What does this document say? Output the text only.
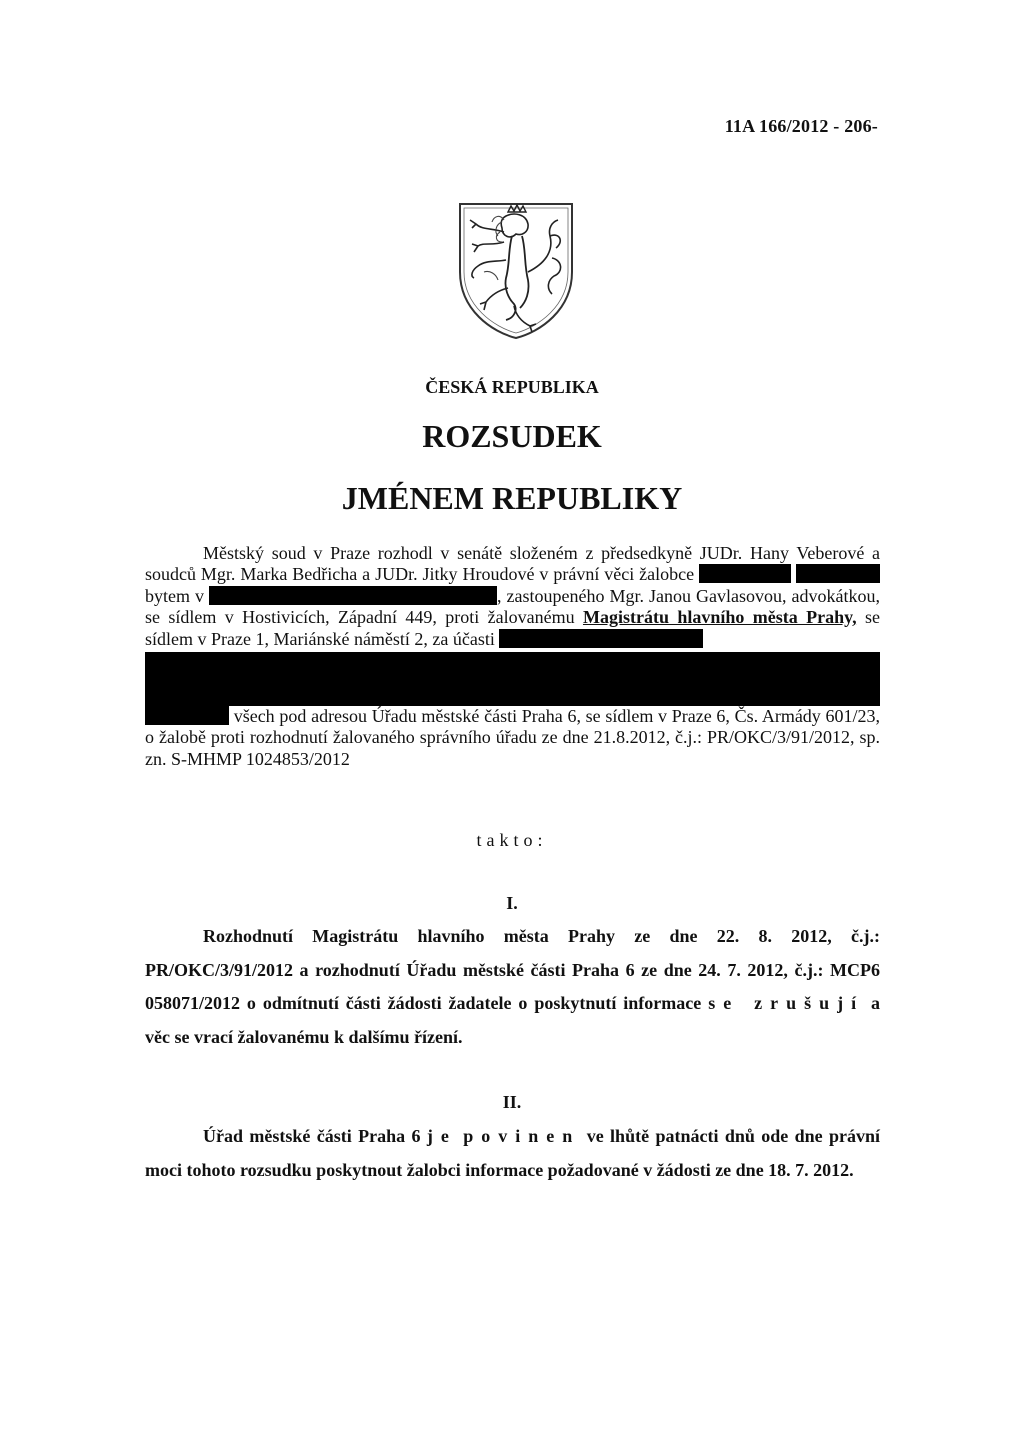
11A 166/2012 - 206-
ČESKÁ REPUBLIKA
ROZSUDEK
JMÉNEM REPUBLIKY
Městský soud v Praze rozhodl v senátě složeném z předsedkyně JUDr. Hany Veberové a soudců Mgr. Marka Bedřicha a JUDr. Jitky Hroudové v právní věci žalobce   bytem v	, zastoupeného Mgr. Janou Gavlasovou, advokátkou, se sídlem v Hostivicích, Západní 449, proti žalovanému Magistrátu hlavního města Prahy, se sídlem v Praze 1, Mariánské náměstí 2, za účasti
všech pod adresou Úřadu městské části Praha 6, se sídlem v Praze 6, Čs. Armády 601/23, o žalobě proti rozhodnutí žalovaného správního úřadu ze dne 21.8.2012, č.j.: PR/OKC/3/91/2012, sp. zn. S-MHMP 1024853/2012
takto:
I.
Rozhodnutí Magistrátu hlavního města Prahy ze dne 22. 8. 2012, č.j.: PR/OKC/3/91/2012 a rozhodnutí Úřadu městské části Praha 6 ze dne 24. 7. 2012, č.j.: MCP6 058071/2012 o odmítnutí části žádosti žadatele o poskytnutí informace se zrušují a věc se vrací žalovanému k dalšímu řízení.
II.
Úřad městské části Praha 6 je povinen ve lhůtě patnácti dnů ode dne právní moci tohoto rozsudku poskytnout žalobci informace požadované v žádosti ze dne 18. 7. 2012.
